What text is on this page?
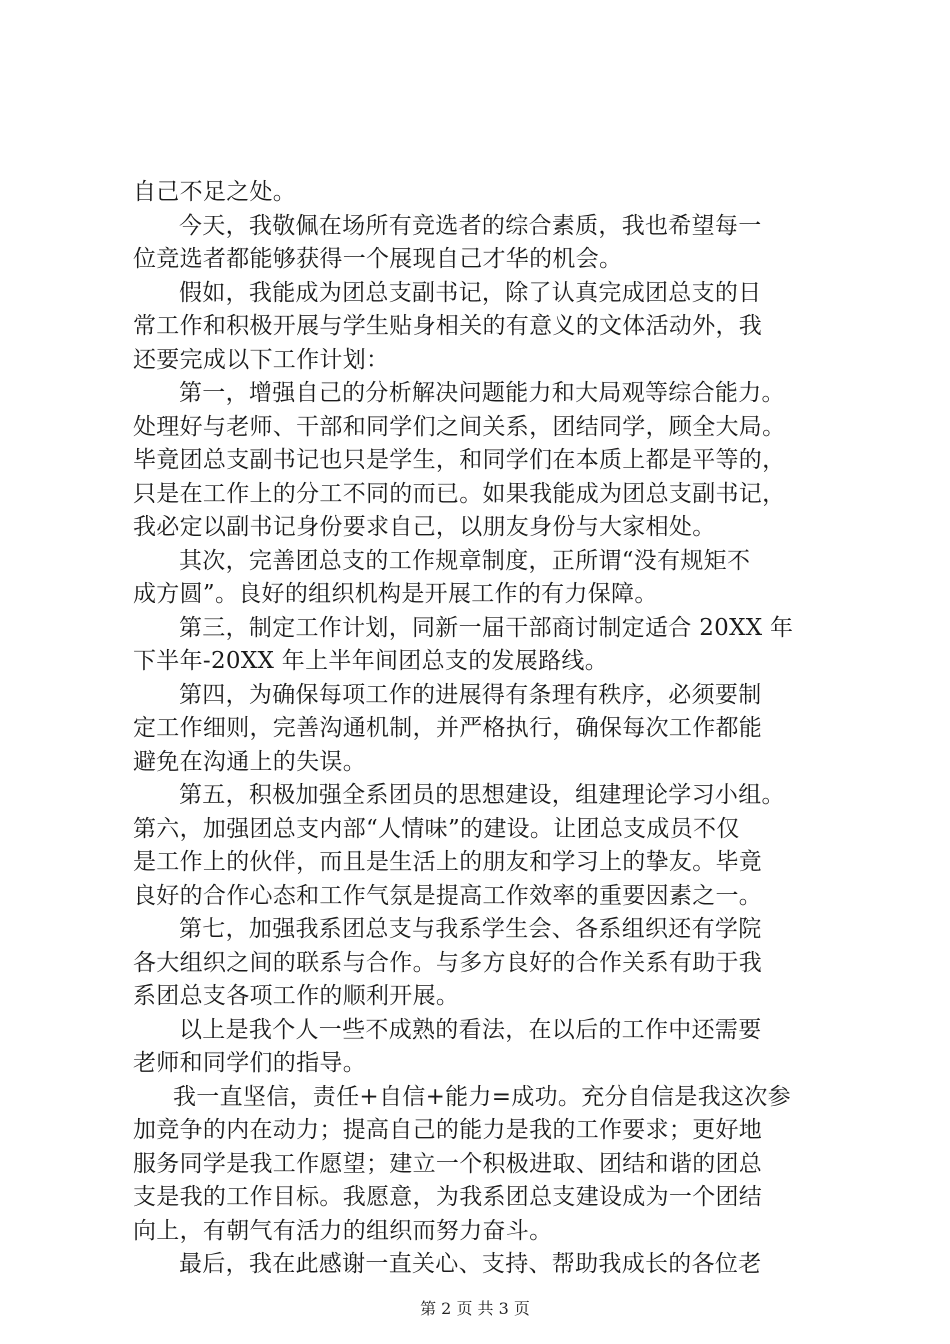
自己不足之处。
今天，我敬佩在场所有竞选者的综合素质，我也希望每一
位竞选者都能够获得一个展现自己才华的机会。
假如，我能成为团总支副书记，除了认真完成团总支的日
常工作和积极开展与学生贴身相关的有意义的文体活动外，我
还要完成以下工作计划：
第一，增强自己的分析解决问题能力和大局观等综合能力。
处理好与老师、干部和同学们之间关系，团结同学，顾全大局。
毕竟团总支副书记也只是学生，和同学们在本质上都是平等的，
只是在工作上的分工不同的而已。如果我能成为团总支副书记，
我必定以副书记身份要求自己，以朋友身份与大家相处。
其次，完善团总支的工作规章制度，正所谓“没有规矩不
成方圆”。良好的组织机构是开展工作的有力保障。
第三，制定工作计划，同新一届干部商讨制定适合 20XX 年
下半年-20XX 年上半年间团总支的发展路线。
第四，为确保每项工作的进展得有条理有秩序，必须要制
定工作细则，完善沟通机制，并严格执行，确保每次工作都能
避免在沟通上的失误。
第五，积极加强全系团员的思想建设，组建理论学习小组。
第六，加强团总支内部“人情味”的建设。让团总支成员不仅
是工作上的伙伴，而且是生活上的朋友和学习上的挚友。毕竟
良好的合作心态和工作气氛是提高工作效率的重要因素之一。
第七，加强我系团总支与我系学生会、各系组织还有学院
各大组织之间的联系与合作。与多方良好的合作关系有助于我
系团总支各项工作的顺利开展。
以上是我个人一些不成熟的看法，在以后的工作中还需要
老师和同学们的指导。
我一直坚信，责任+自信+能力=成功。充分自信是我这次参
加竞争的内在动力；提高自己的能力是我的工作要求；更好地
服务同学是我工作愿望；建立一个积极进取、团结和谐的团总
支是我的工作目标。我愿意，为我系团总支建设成为一个团结
向上，有朝气有活力的组织而努力奋斗。
最后，我在此感谢一直关心、支持、帮助我成长的各位老
第 2 页 共 3 页
